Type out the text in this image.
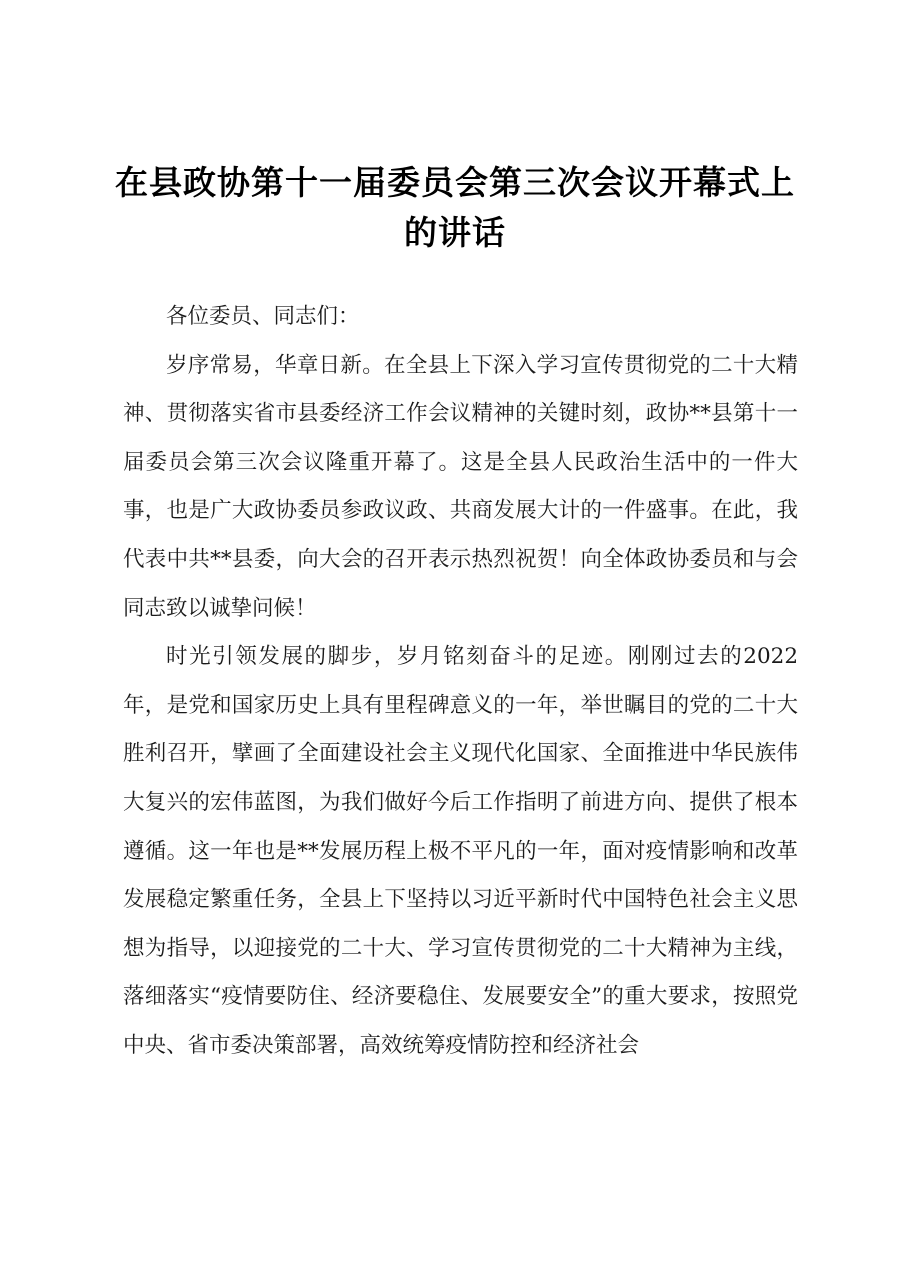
在县政协第十一届委员会第三次会议开幕式上的讲话

各位委员、同志们：

岁序常易，华章日新。在全县上下深入学习宣传贯彻党的二十大精神、贯彻落实省市县委经济工作会议精神的关键时刻，政协**县第十一届委员会第三次会议隆重开幕了。这是全县人民政治生活中的一件大事，也是广大政协委员参政议政、共商发展大计的一件盛事。在此，我代表中共**县委，向大会的召开表示热烈祝贺！向全体政协委员和与会同志致以诚挚问候！

时光引领发展的脚步，岁月铭刻奋斗的足迹。刚刚过去的2022年，是党和国家历史上具有里程碑意义的一年，举世瞩目的党的二十大胜利召开，擘画了全面建设社会主义现代化国家、全面推进中华民族伟大复兴的宏伟蓝图，为我们做好今后工作指明了前进方向、提供了根本遵循。这一年也是**发展历程上极不平凡的一年，面对疫情影响和改革发展稳定繁重任务，全县上下坚持以习近平新时代中国特色社会主义思想为指导，以迎接党的二十大、学习宣传贯彻党的二十大精神为主线，落细落实“疫情要防住、经济要稳住、发展要安全”的重大要求，按照党中央、省市委决策部署，高效统筹疫情防控和经济社会
